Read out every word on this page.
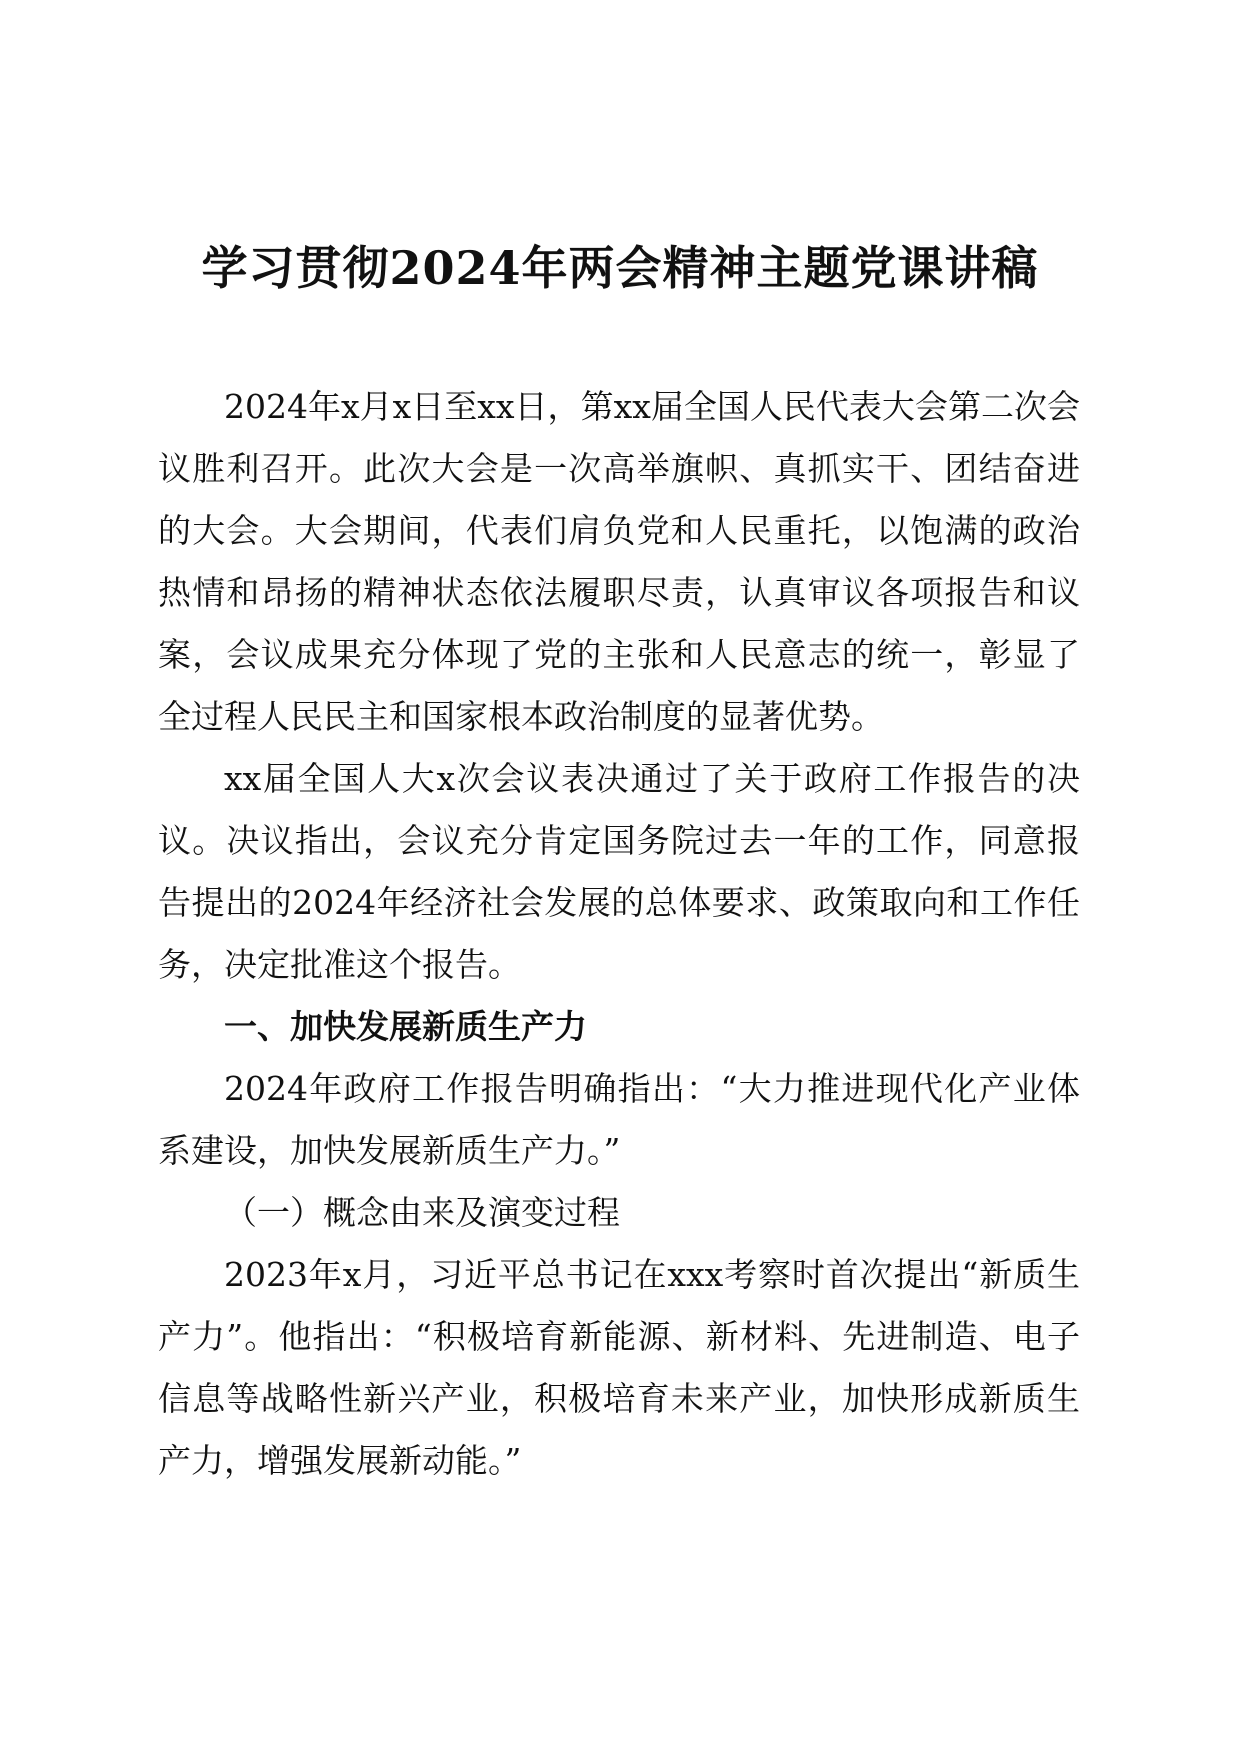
学习贯彻2024年两会精神主题党课讲稿

2024年x月x日至xx日，第xx届全国人民代表大会第二次会议胜利召开。此次大会是一次高举旗帜、真抓实干、团结奋进的大会。大会期间，代表们肩负党和人民重托，以饱满的政治热情和昂扬的精神状态依法履职尽责，认真审议各项报告和议案，会议成果充分体现了党的主张和人民意志的统一，彰显了全过程人民民主和国家根本政治制度的显著优势。

xx届全国人大x次会议表决通过了关于政府工作报告的决议。决议指出，会议充分肯定国务院过去一年的工作，同意报告提出的2024年经济社会发展的总体要求、政策取向和工作任务，决定批准这个报告。

一、加快发展新质生产力

2024年政府工作报告明确指出：“大力推进现代化产业体系建设，加快发展新质生产力。”

（一）概念由来及演变过程

2023年x月，习近平总书记在xxx考察时首次提出“新质生产力”。他指出：“积极培育新能源、新材料、先进制造、电子信息等战略性新兴产业，积极培育未来产业，加快形成新质生产力，增强发展新动能。”
